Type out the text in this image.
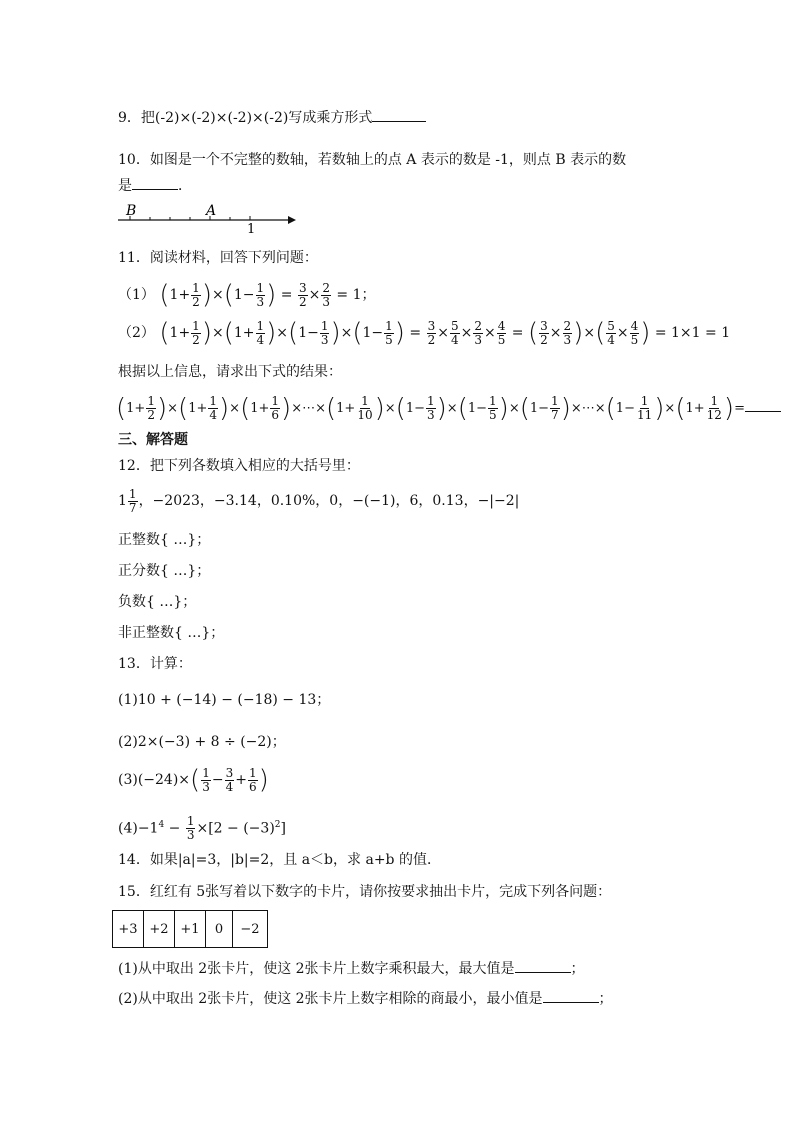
9．把(-2)×(-2)×(-2)×(-2)写成乘方形式
10．如图是一个不完整的数轴，若数轴上的点 A 表示的数是 -1，则点 B 表示的数
是	．
B	A
1
11．阅读材料，回答下列问题：
（1） $(1+ \frac{1}{2} )\times(1- \frac{1}{3}$ ) = $\frac{3}{2} \times \frac{2}{3} = 1$；
（2） $(1+ \frac{1}{2} )\times(1+ \frac{1}{4} )\times(1- \frac{1}{3} )\times(1- \frac{1}{5}$ ) = $\frac{3}{2} \times \frac{5}{4} \times \frac{2}{3} \times \frac{4}{5}$ = ( $\frac{3}{2} \times \frac{2}{3}$ )×( $\frac{5}{4} \times \frac{4}{5}$ ) = 1×1 = 1
根据以上信息，请求出下式的结果：
$(1+ \frac{1}{2} )\times(1+ \frac{1}{4} )\times(1+ \frac{1}{6}$ )×⋯×(1+ $\frac{1}{10} )\times(1- \frac{1}{3} )\times(1- \frac{1}{5} )\times(1- \frac{1}{7}$ )×⋯×(1− $\frac{1}{11} )\times(1+ \frac{1}{12}$ )=
三、解答题
12．把下列各数填入相应的大括号里：
$1 \frac{1}{7}$ ，−2023，−3.14，0.10%，0，−(−1)，6，0.13，−|−2|
正整数{ …}；
正分数{ …}；
负数{ …}；
非正整数{ …}；
13．计算：
(1)10 + (−14) − (−18) − 13；
(2)2×(−3) + 8 ÷ (−2)；
$(3)(-24)\times( \frac{1}{3} - \frac{3}{4} + \frac{1}{6}$ )
$(4)-1^4 - \frac{1}{3} \times[2 - (-3)^2]$
14．如果|a|=3，|b|=2，且 a＜b，求 a+b 的值．
15．红红有 5张写着以下数字的卡片，请你按要求抽出卡片，完成下列各问题：
+3	+2	+1	0	−2
(1)从中取出 2张卡片，使这 2张卡片上数字乘积最大，最大值是	；
(2)从中取出 2张卡片，使这 2张卡片上数字相除的商最小，最小值是	；
